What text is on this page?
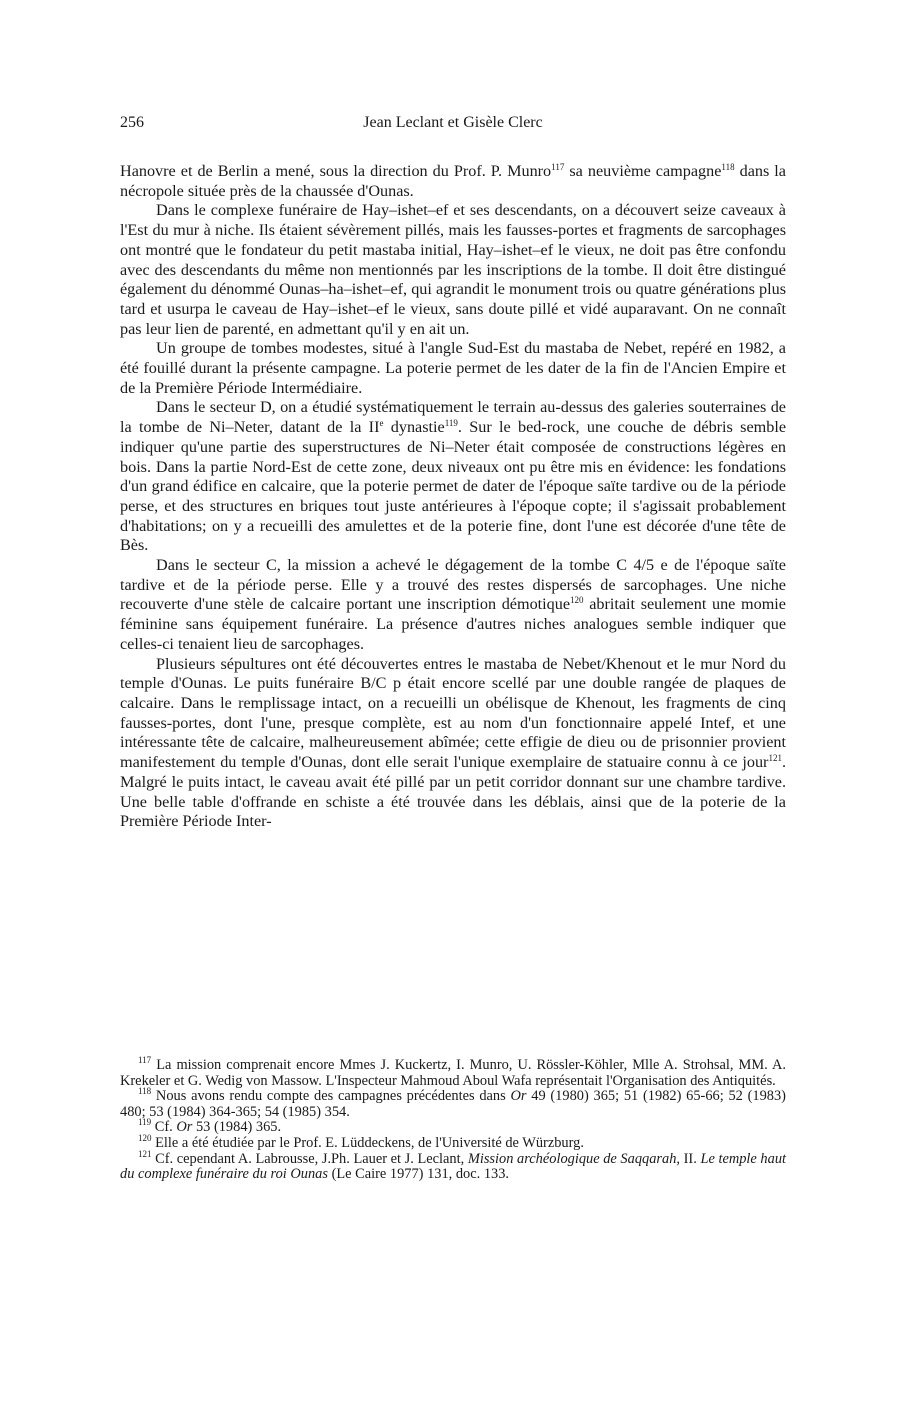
256	Jean Leclant et Gisèle Clerc

Hanovre et de Berlin a mené, sous la direction du Prof. P. Munro$^{117}$ sa neuvième campagne$^{118}$ dans la nécropole située près de la chaussée d'Ounas.

Dans le complexe funéraire de Hay–ishet–ef et ses descendants, on a découvert seize caveaux à l'Est du mur à niche. Ils étaient sévèrement pillés, mais les fausses-portes et fragments de sarcophages ont montré que le fondateur du petit mastaba initial, Hay–ishet–ef le vieux, ne doit pas être confondu avec des descendants du même non mentionnés par les inscriptions de la tombe. Il doit être distingué également du dénommé Ounas–ha–ishet–ef, qui agrandit le monument trois ou quatre générations plus tard et usurpa le caveau de Hay–ishet–ef le vieux, sans doute pillé et vidé auparavant. On ne connaît pas leur lien de parenté, en admettant qu'il y en ait un.

Un groupe de tombes modestes, situé à l'angle Sud-Est du mastaba de Nebet, repéré en 1982, a été fouillé durant la présente campagne. La poterie permet de les dater de la fin de l'Ancien Empire et de la Première Période Intermédiaire.

Dans le secteur D, on a étudié systématiquement le terrain au-dessus des galeries souterraines de la tombe de Ni–Neter, datant de la IIe dynastie$^{119}$. Sur le bed-rock, une couche de débris semble indiquer qu'une partie des superstructures de Ni–Neter était composée de constructions légères en bois. Dans la partie Nord-Est de cette zone, deux niveaux ont pu être mis en évidence: les fondations d'un grand édifice en calcaire, que la poterie permet de dater de l'époque saïte tardive ou de la période perse, et des structures en briques tout juste antérieures à l'époque copte; il s'agissait probablement d'habitations; on y a recueilli des amulettes et de la poterie fine, dont l'une est décorée d'une tête de Bès.

Dans le secteur C, la mission a achevé le dégagement de la tombe C 4/5 e de l'époque saïte tardive et de la période perse. Elle y a trouvé des restes dispersés de sarcophages. Une niche recouverte d'une stèle de calcaire portant une inscription démotique$^{120}$ abritait seulement une momie féminine sans équipement funéraire. La présence d'autres niches analogues semble indiquer que celles-ci tenaient lieu de sarcophages.

Plusieurs sépultures ont été découvertes entres le mastaba de Nebet/Khenout et le mur Nord du temple d'Ounas. Le puits funéraire B/C p était encore scellé par une double rangée de plaques de calcaire. Dans le remplissage intact, on a recueilli un obélisque de Khenout, les fragments de cinq fausses-portes, dont l'une, presque complète, est au nom d'un fonctionnaire appelé Intef, et une intéressante tête de calcaire, malheureusement abîmée; cette effigie de dieu ou de prisonnier provient manifestement du temple d'Ounas, dont elle serait l'unique exemplaire de statuaire connu à ce jour$^{121}$. Malgré le puits intact, le caveau avait été pillé par un petit corridor donnant sur une chambre tardive. Une belle table d'offrande en schiste a été trouvée dans les déblais, ainsi que de la poterie de la Première Période Inter-

$^{117}$ La mission comprenait encore Mmes J. Kuckertz, I. Munro, U. Rössler-Köhler, Mlle A. Strohsal, MM. A. Krekeler et G. Wedig von Massow. L'Inspecteur Mahmoud Aboul Wafa représentait l'Organisation des Antiquités.

$^{118}$ Nous avons rendu compte des campagnes précédentes dans Or 49 (1980) 365; 51 (1982) 65-66; 52 (1983) 480; 53 (1984) 364-365; 54 (1985) 354.

$^{119}$ Cf. Or 53 (1984) 365.

$^{120}$ Elle a été étudiée par le Prof. E. Lüddeckens, de l'Université de Würzburg.

$^{121}$ Cf. cependant A. Labrousse, J.Ph. Lauer et J. Leclant, Mission archéologique de Saqqarah, II. Le temple haut du complexe funéraire du roi Ounas (Le Caire 1977) 131, doc. 133.
